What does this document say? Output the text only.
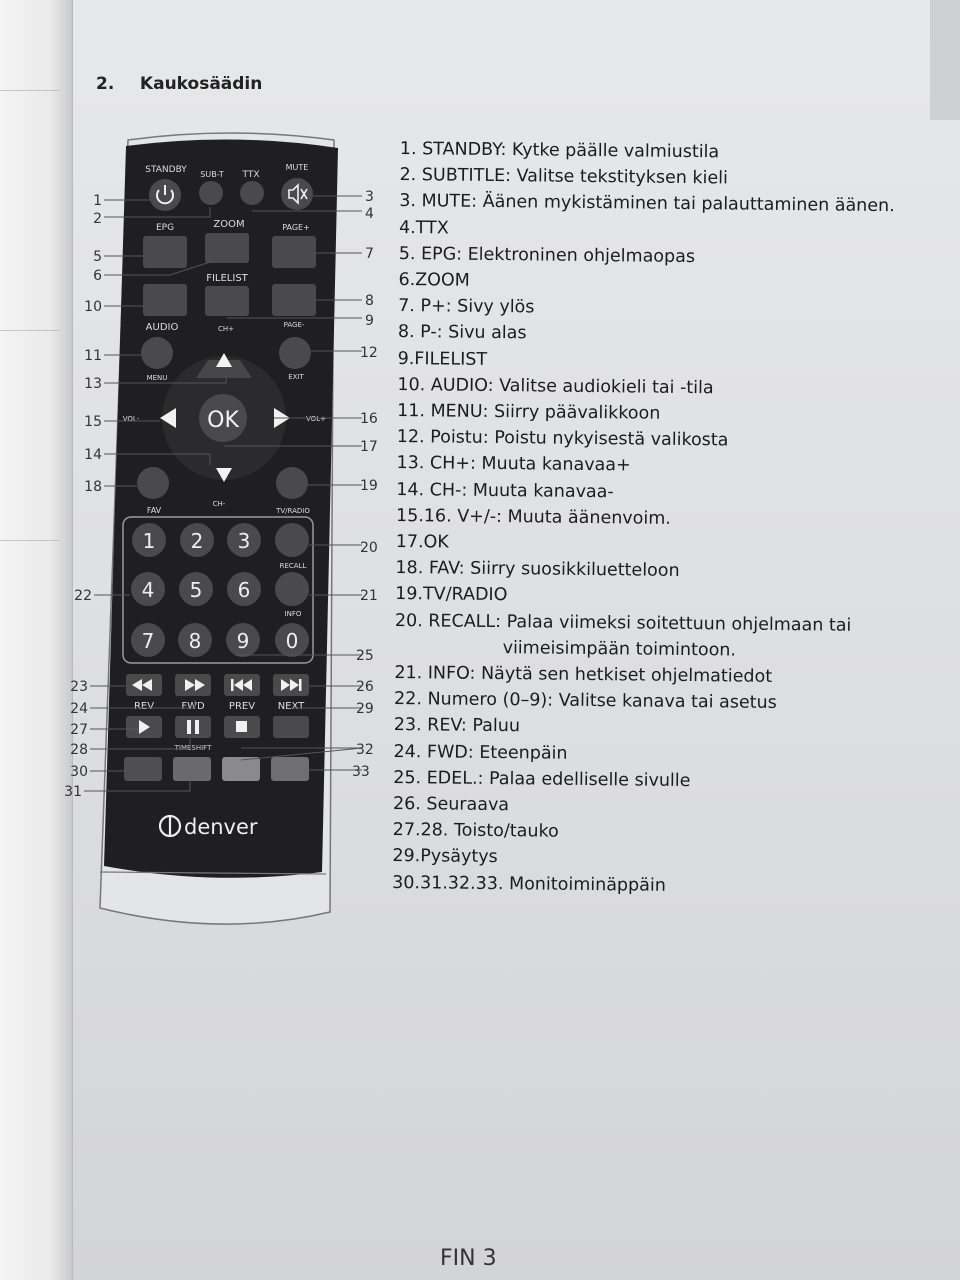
2. Kaukosäädin
STANDBY SUB-T TTX
MUTE
EPG	ZOOM	PAGE+
FILELIST
AUDIO	CH+	PAGE-
MENU	EXIT
VOL-	VOL+
OK
CH-
FAV	TV/RADIO
1 2 3
4 5 6
7 8 9 0
RECALL
INFO
REV	FWD PREV NEXT
TIMESHIFT
denver
1
2
5
6
10
11
13
15
14
18
22
23
24
27
28
30
31
3
4
7
8
9
12
16
17
19
20
21
25
26
29
32
33
1. STANDBY: Kytke päälle valmiustila
2. SUBTITLE: Valitse tekstityksen kieli
3. MUTE: Äänen mykistäminen tai palauttaminen äänen.
4.TTX
5. EPG: Elektroninen ohjelmaopas
6.ZOOM
7. P+: Sivy ylös
8. P-: Sivu alas
9.FILELIST
10. AUDIO: Valitse audiokieli tai -tila
11. MENU: Siirry päävalikkoon
12. Poistu: Poistu nykyisestä valikosta
13. CH+: Muuta kanavaa+
14. CH-: Muuta kanavaa-
15.16. V+/-: Muuta äänenvoim.
17.OK
18. FAV: Siirry suosikkiluetteloon
19.TV/RADIO
20. RECALL: Palaa viimeksi soitettuun ohjelmaan tai
viimeisimpään toimintoon.
21. INFO: Näytä sen hetkiset ohjelmatiedot
22. Numero (0–9): Valitse kanava tai asetus
23. REV: Paluu
24. FWD: Eteenpäin
25. EDEL.: Palaa edelliselle sivulle
26. Seuraava
27.28. Toisto/tauko
29.Pysäytys
30.31.32.33. Monitoiminäppäin
FIN 3
